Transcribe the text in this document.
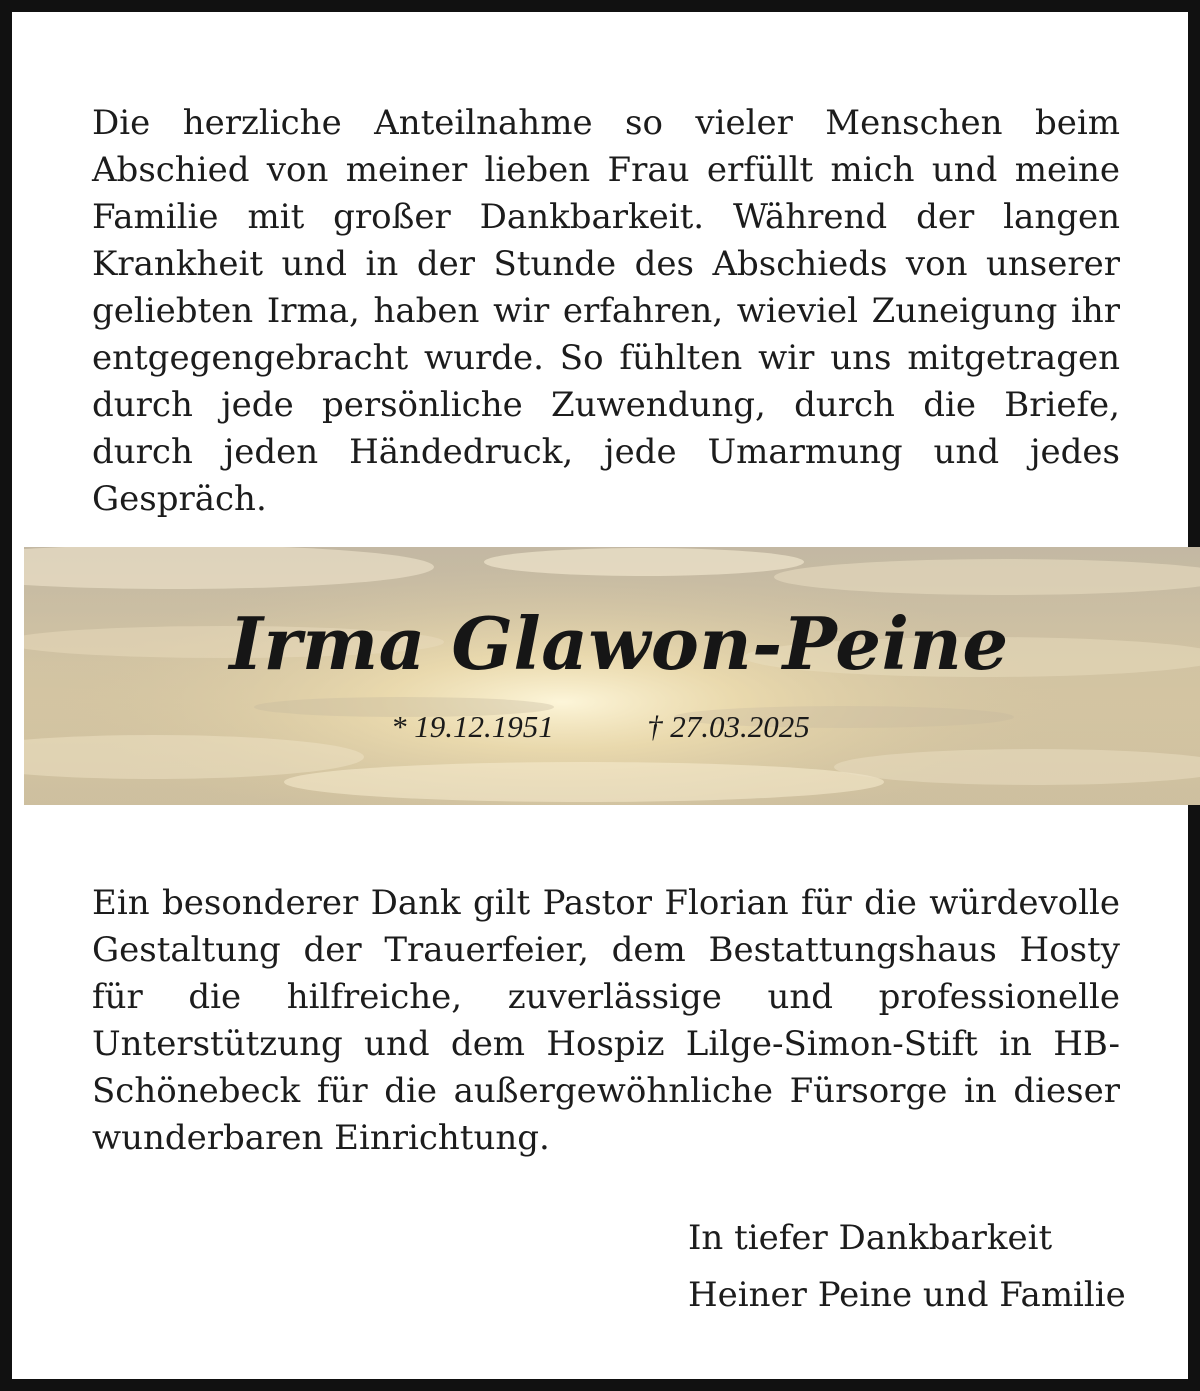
Die herzliche Anteilnahme so vieler Menschen beim Abschied von meiner lieben Frau erfüllt mich und meine Familie mit großer Dankbarkeit. Während der langen Krankheit und in der Stunde des Abschieds von unserer geliebten Irma, haben wir erfahren, wieviel Zuneigung ihr entgegengebracht wurde. So fühlten wir uns mitgetragen durch jede persönliche Zuwendung, durch die Briefe, durch jeden Händedruck, jede Umarmung und jedes Gespräch.

Irma Glawon-Peine
* 19.12.1951	† 27.03.2025

Ein besonderer Dank gilt Pastor Florian für die würdevolle Gestaltung der Trauerfeier, dem Bestattungshaus Hosty für die hilfreiche, zuverlässige und professionelle Unterstützung und dem Hospiz Lilge-Simon-Stift in HB-Schönebeck für die außergewöhnliche Fürsorge in dieser wunderbaren Einrichtung.

In tiefer Dankbarkeit
Heiner Peine und Familie
